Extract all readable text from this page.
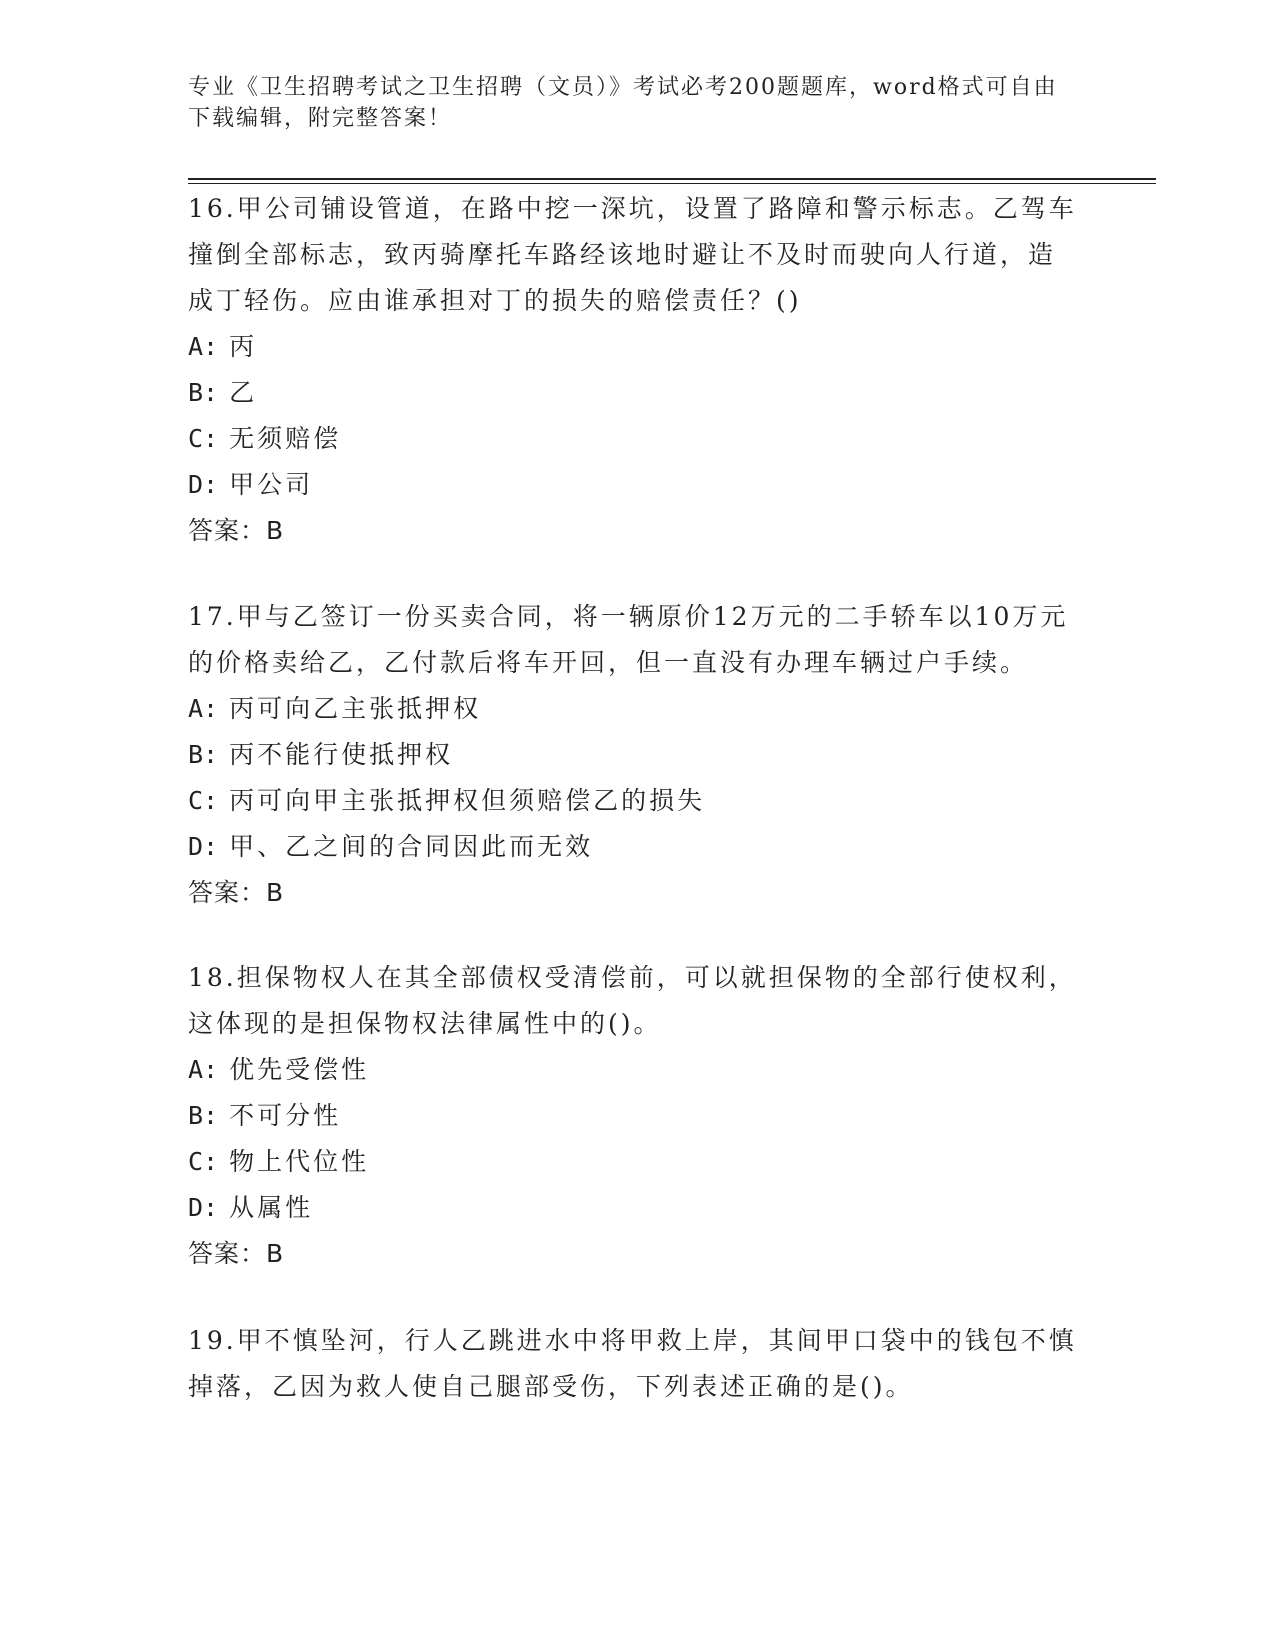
专业《卫生招聘考试之卫生招聘（文员）》考试必考200题题库，word格式可自由下载编辑，附完整答案！

16.甲公司铺设管道，在路中挖一深坑，设置了路障和警示标志。乙驾车撞倒全部标志，致丙骑摩托车路经该地时避让不及时而驶向人行道，造成丁轻伤。应由谁承担对丁的损失的赔偿责任？()

A: 丙

B: 乙

C: 无须赔偿

D: 甲公司

答案：B

17.甲与乙签订一份买卖合同，将一辆原价12万元的二手轿车以10万元的价格卖给乙，乙付款后将车开回，但一直没有办理车辆过户手续。

A: 丙可向乙主张抵押权

B: 丙不能行使抵押权

C: 丙可向甲主张抵押权但须赔偿乙的损失

D: 甲、乙之间的合同因此而无效

答案：B

18.担保物权人在其全部债权受清偿前，可以就担保物的全部行使权利，这体现的是担保物权法律属性中的()。

A: 优先受偿性

B: 不可分性

C: 物上代位性

D: 从属性

答案：B

19.甲不慎坠河，行人乙跳进水中将甲救上岸，其间甲口袋中的钱包不慎掉落，乙因为救人使自己腿部受伤，下列表述正确的是()。
